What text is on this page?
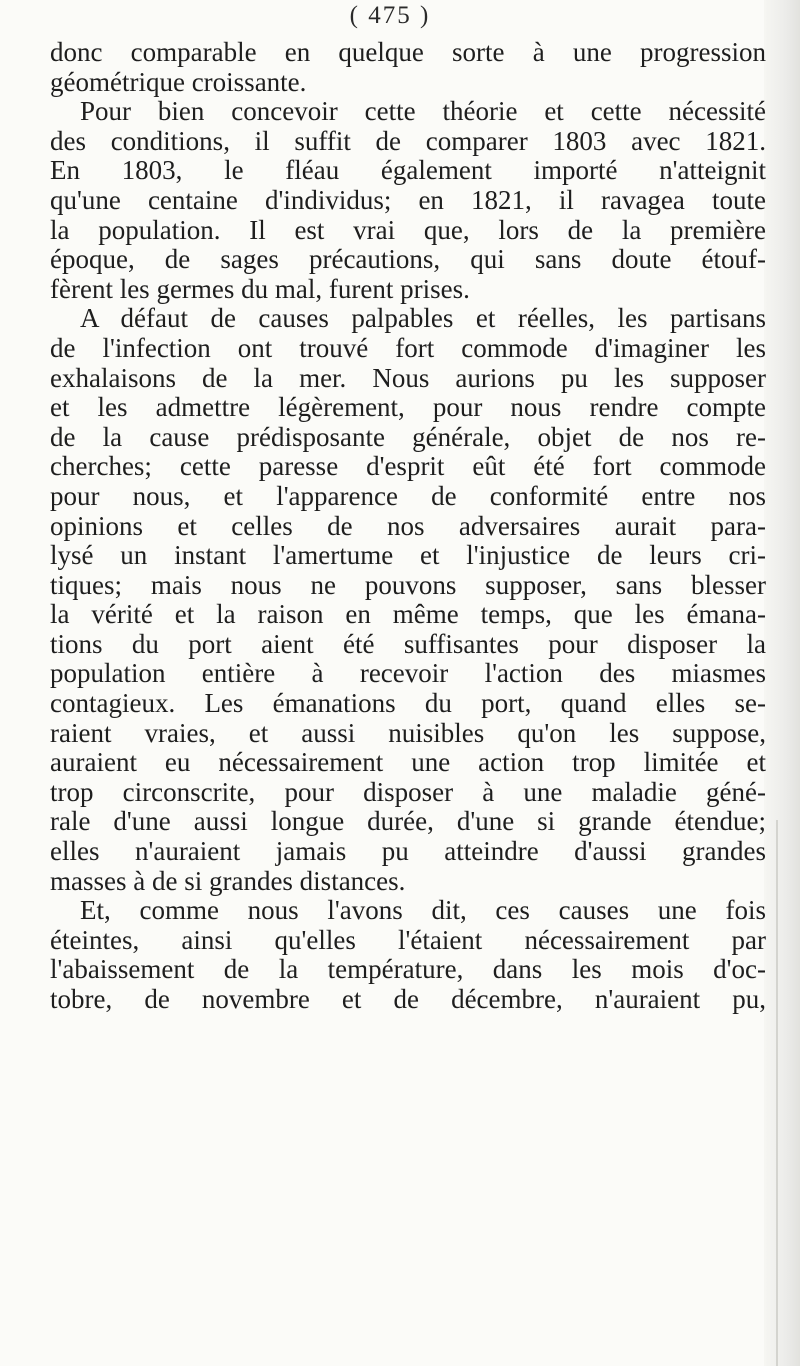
( 475 )
donc comparable en quelque sorte à une progression
géométrique croissante.
Pour bien concevoir cette théorie et cette nécessité
des conditions, il suffit de comparer 1803 avec 1821.
En 1803, le fléau également importé n'atteignit
qu'une centaine d'individus; en 1821, il ravagea toute
la population. Il est vrai que, lors de la première
époque, de sages précautions, qui sans doute étouf-
fèrent les germes du mal, furent prises.
A défaut de causes palpables et réelles, les partisans
de l'infection ont trouvé fort commode d'imaginer les
exhalaisons de la mer. Nous aurions pu les supposer
et les admettre légèrement, pour nous rendre compte
de la cause prédisposante générale, objet de nos re-
cherches; cette paresse d'esprit eût été fort commode
pour nous, et l'apparence de conformité entre nos
opinions et celles de nos adversaires aurait para-
lysé un instant l'amertume et l'injustice de leurs cri-
tiques; mais nous ne pouvons supposer, sans blesser
la vérité et la raison en même temps, que les émana-
tions du port aient été suffisantes pour disposer la
population entière à recevoir l'action des miasmes
contagieux. Les émanations du port, quand elles se-
raient vraies, et aussi nuisibles qu'on les suppose,
auraient eu nécessairement une action trop limitée et
trop circonscrite, pour disposer à une maladie géné-
rale d'une aussi longue durée, d'une si grande étendue;
elles n'auraient jamais pu atteindre d'aussi grandes
masses à de si grandes distances.
Et, comme nous l'avons dit, ces causes une fois
éteintes, ainsi qu'elles l'étaient nécessairement par
l'abaissement de la température, dans les mois d'oc-
tobre, de novembre et de décembre, n'auraient pu,
